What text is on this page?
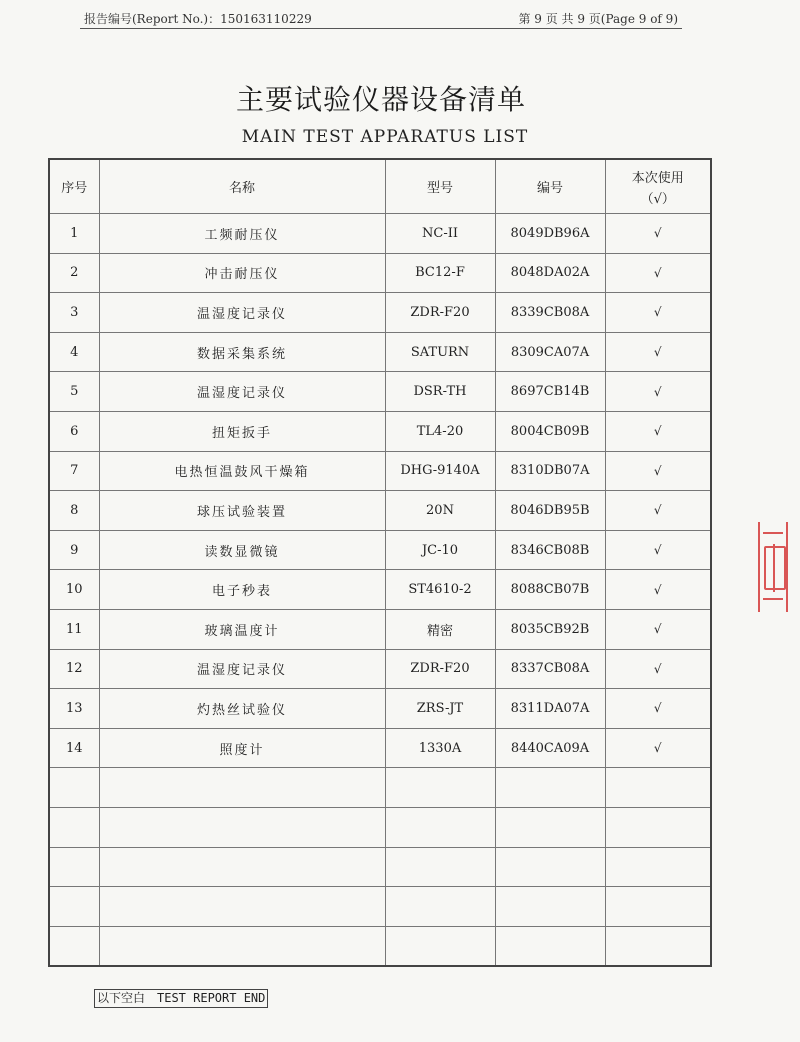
报告编号(Report No.)：150163110229	第 9 页 共 9 页(Page 9 of 9)
主要试验仪器设备清单
MAIN TEST APPARATUS LIST
序号	名称	型号	编号	本次使用
（√）

1	工频耐压仪	NC-II	8049DB96A	√
2	冲击耐压仪	BC12-F	8048DA02A	√
3	温湿度记录仪	ZDR-F20	8339CB08A	√
4	数据采集系统	SATURN	8309CA07A	√
5	温湿度记录仪	DSR-TH	8697CB14B	√
6	扭矩扳手	TL4-20	8004CB09B	√
7	电热恒温鼓风干燥箱	DHG-9140A	8310DB07A	√
8	球压试验装置	20N	8046DB95B	√
9	读数显微镜	JC-10	8346CB08B	√
10	电子秒表	ST4610-2	8088CB07B	√
11	玻璃温度计	精密	8035CB92B	√
12	温湿度记录仪	ZDR-F20	8337CB08A	√
13	灼热丝试验仪	ZRS-JT	8311DA07A	√
14	照度计	1330A	8440CA09A	√

以下空白　TEST REPORT END
